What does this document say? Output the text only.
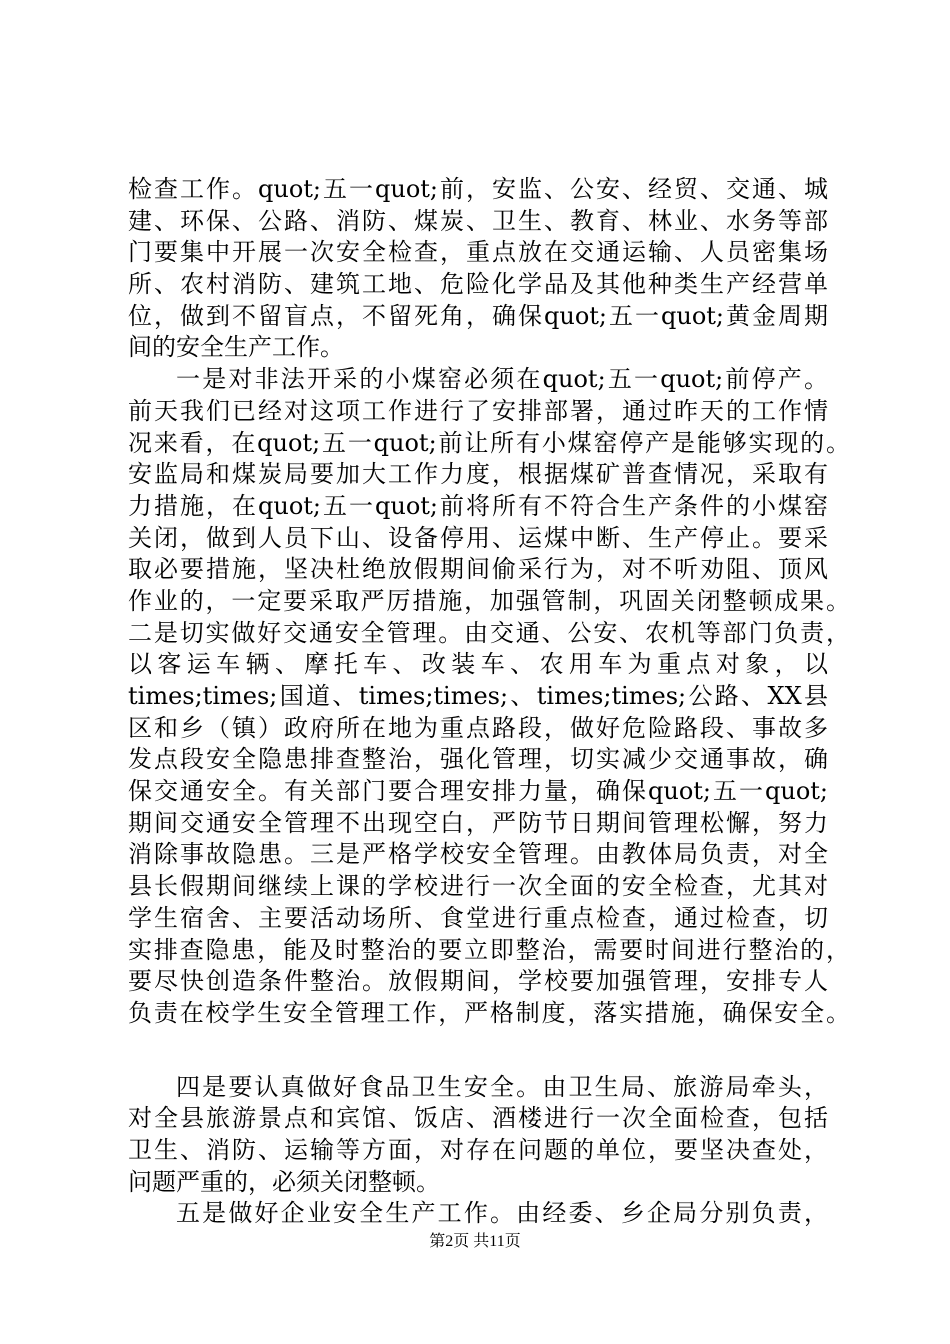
检查工作。quot;五一quot;前，安监、公安、经贸、交通、城
建、环保、公路、消防、煤炭、卫生、教育、林业、水务等部
门要集中开展一次安全检查，重点放在交通运输、人员密集场
所、农村消防、建筑工地、危险化学品及其他种类生产经营单
位，做到不留盲点，不留死角，确保quot;五一quot;黄金周期
间的安全生产工作。
一是对非法开采的小煤窑必须在quot;五一quot;前停产。
前天我们已经对这项工作进行了安排部署，通过昨天的工作情
况来看，在quot;五一quot;前让所有小煤窑停产是能够实现的。
安监局和煤炭局要加大工作力度，根据煤矿普查情况，采取有
力措施，在quot;五一quot;前将所有不符合生产条件的小煤窑
关闭，做到人员下山、设备停用、运煤中断、生产停止。要采
取必要措施，坚决杜绝放假期间偷采行为，对不听劝阻、顶风
作业的，一定要采取严厉措施，加强管制，巩固关闭整顿成果。
二是切实做好交通安全管理。由交通、公安、农机等部门负责，
以客运车辆、摩托车、改装车、农用车为重点对象，以
times;times;国道、times;times;、times;times;公路、XX县
区和乡（镇）政府所在地为重点路段，做好危险路段、事故多
发点段安全隐患排查整治，强化管理，切实减少交通事故，确
保交通安全。有关部门要合理安排力量，确保quot;五一quot;
期间交通安全管理不出现空白，严防节日期间管理松懈，努力
消除事故隐患。三是严格学校安全管理。由教体局负责，对全
县长假期间继续上课的学校进行一次全面的安全检查，尤其对
学生宿舍、主要活动场所、食堂进行重点检查，通过检查，切
实排查隐患，能及时整治的要立即整治，需要时间进行整治的，
要尽快创造条件整治。放假期间，学校要加强管理，安排专人
负责在校学生安全管理工作，严格制度，落实措施，确保安全。
四是要认真做好食品卫生安全。由卫生局、旅游局牵头，
对全县旅游景点和宾馆、饭店、酒楼进行一次全面检查，包括
卫生、消防、运输等方面，对存在问题的单位，要坚决查处，
问题严重的，必须关闭整顿。
五是做好企业安全生产工作。由经委、乡企局分别负责，
第2页 共11页
